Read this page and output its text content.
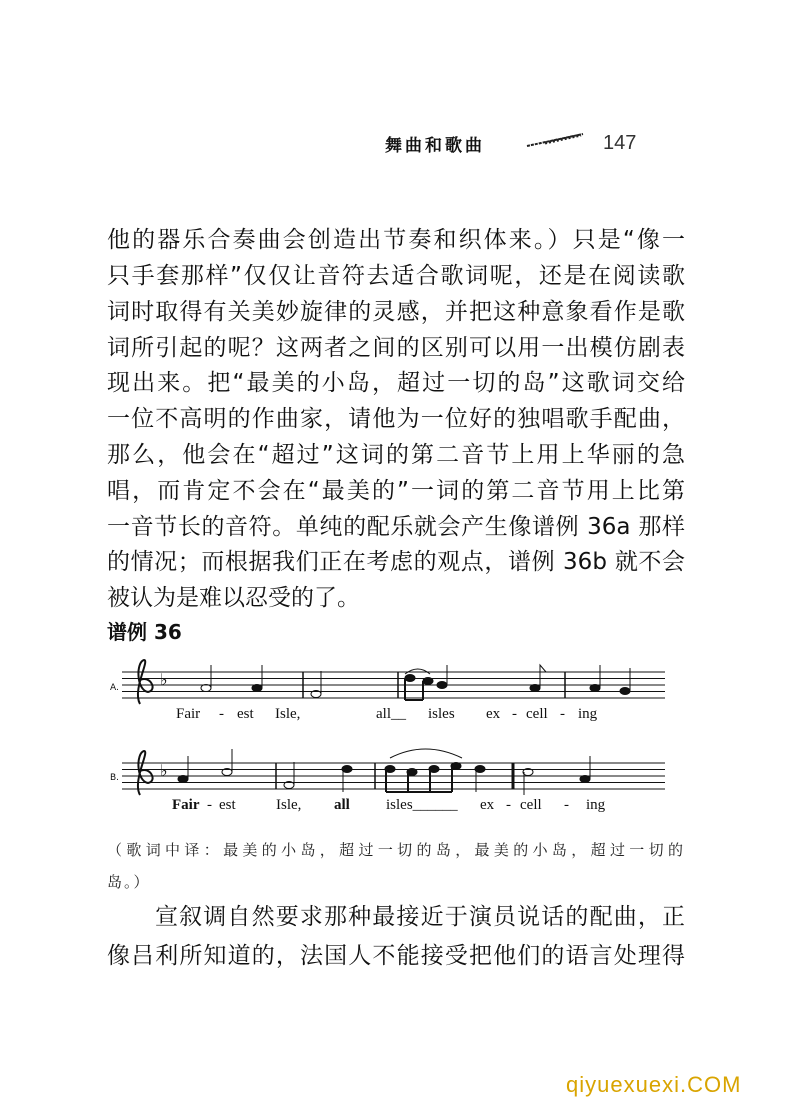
舞曲和歌曲	147
他的器乐合奏曲会创造出节奏和织体来。）只是“像一
只手套那样”仅仅让音符去适合歌词呢，还是在阅读歌
词时取得有关美妙旋律的灵感，并把这种意象看作是歌
词所引起的呢？这两者之间的区别可以用一出模仿剧表
现出来。把“最美的小岛，超过一切的岛”这歌词交给
一位不高明的作曲家，请他为一位好的独唱歌手配曲，
那么，他会在“超过”这词的第二音节上用上华丽的急
唱，而肯定不会在“最美的”一词的第二音节用上比第
一音节长的音符。单纯的配乐就会产生像谱例 36a 那样
的情况；而根据我们正在考虑的观点，谱例 36b 就不会
被认为是难以忍受的了。
谱例 36
♭
A.
♭
B.
Fair - est Isle,	all__ isles ex - cell - ing
Fair - est	Isle, all isles______ ex - cell - ing
（歌词中译：最美的小岛，超过一切的岛，最美的小岛，超过一切的
岛。）
宣叙调自然要求那种最接近于演员说话的配曲，正
像吕利所知道的，法国人不能接受把他们的语言处理得
qiyuexuexi.COM
